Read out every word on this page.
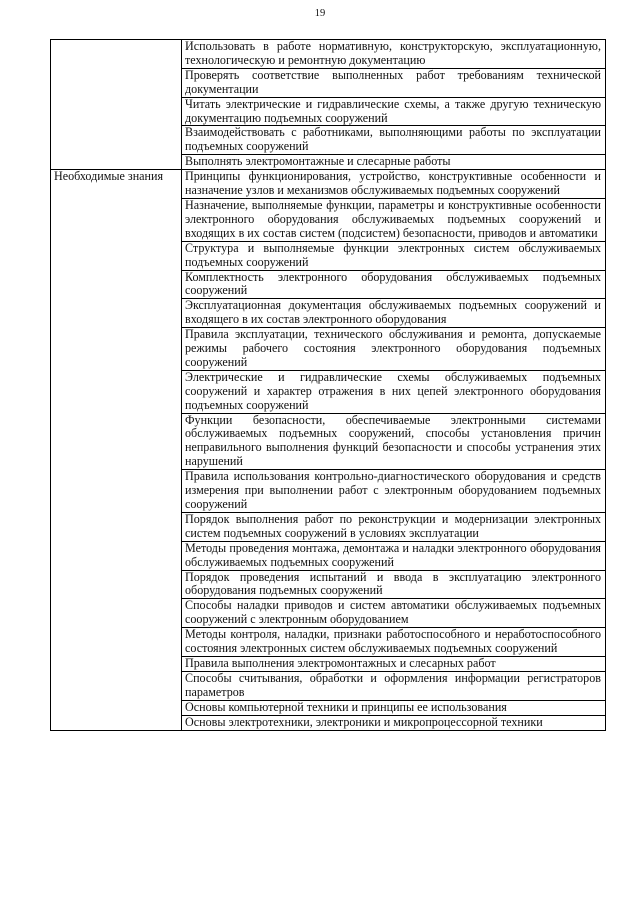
19
	Использовать в работе нормативную, конструкторскую, эксплуатационную, технологическую и ремонтную документацию
	Проверять соответствие выполненных работ требованиям технической документации
	Читать электрические и гидравлические схемы, а также другую техническую документацию подъемных сооружений
	Взаимодействовать с работниками, выполняющими работы по эксплуатации подъемных сооружений
	Выполнять электромонтажные и слесарные работы
Необходимые знания	Принципы функционирования, устройство, конструктивные особенности и назначение узлов и механизмов обслуживаемых подъемных сооружений
	Назначение, выполняемые функции, параметры и конструктивные особенности электронного оборудования обслуживаемых подъемных сооружений и входящих в их состав систем (подсистем) безопасности, приводов и автоматики
	Структура и выполняемые функции электронных систем обслуживаемых подъемных сооружений
	Комплектность электронного оборудования обслуживаемых подъемных сооружений
	Эксплуатационная документация обслуживаемых подъемных сооружений и входящего в их состав электронного оборудования
	Правила эксплуатации, технического обслуживания и ремонта, допускаемые режимы рабочего состояния электронного оборудования подъемных сооружений
	Электрические и гидравлические схемы обслуживаемых подъемных сооружений и характер отражения в них цепей электронного оборудования подъемных сооружений
	Функции безопасности, обеспечиваемые электронными системами обслуживаемых подъемных сооружений, способы установления причин неправильного выполнения функций безопасности и способы устранения этих нарушений
	Правила использования контрольно-диагностического оборудования и средств измерения при выполнении работ с электронным оборудованием подъемных сооружений
	Порядок выполнения работ по реконструкции и модернизации электронных систем подъемных сооружений в условиях эксплуатации
	Методы проведения монтажа, демонтажа и наладки электронного оборудования обслуживаемых подъемных сооружений
	Порядок проведения испытаний и ввода в эксплуатацию электронного оборудования подъемных сооружений
	Способы наладки приводов и систем автоматики обслуживаемых подъемных сооружений с электронным оборудованием
	Методы контроля, наладки, признаки работоспособного и неработоспособного состояния электронных систем обслуживаемых подъемных сооружений
	Правила выполнения электромонтажных и слесарных работ
	Способы считывания, обработки и оформления информации регистраторов параметров
	Основы компьютерной техники и принципы ее использования
	Основы электротехники, электроники и микропроцессорной техники
